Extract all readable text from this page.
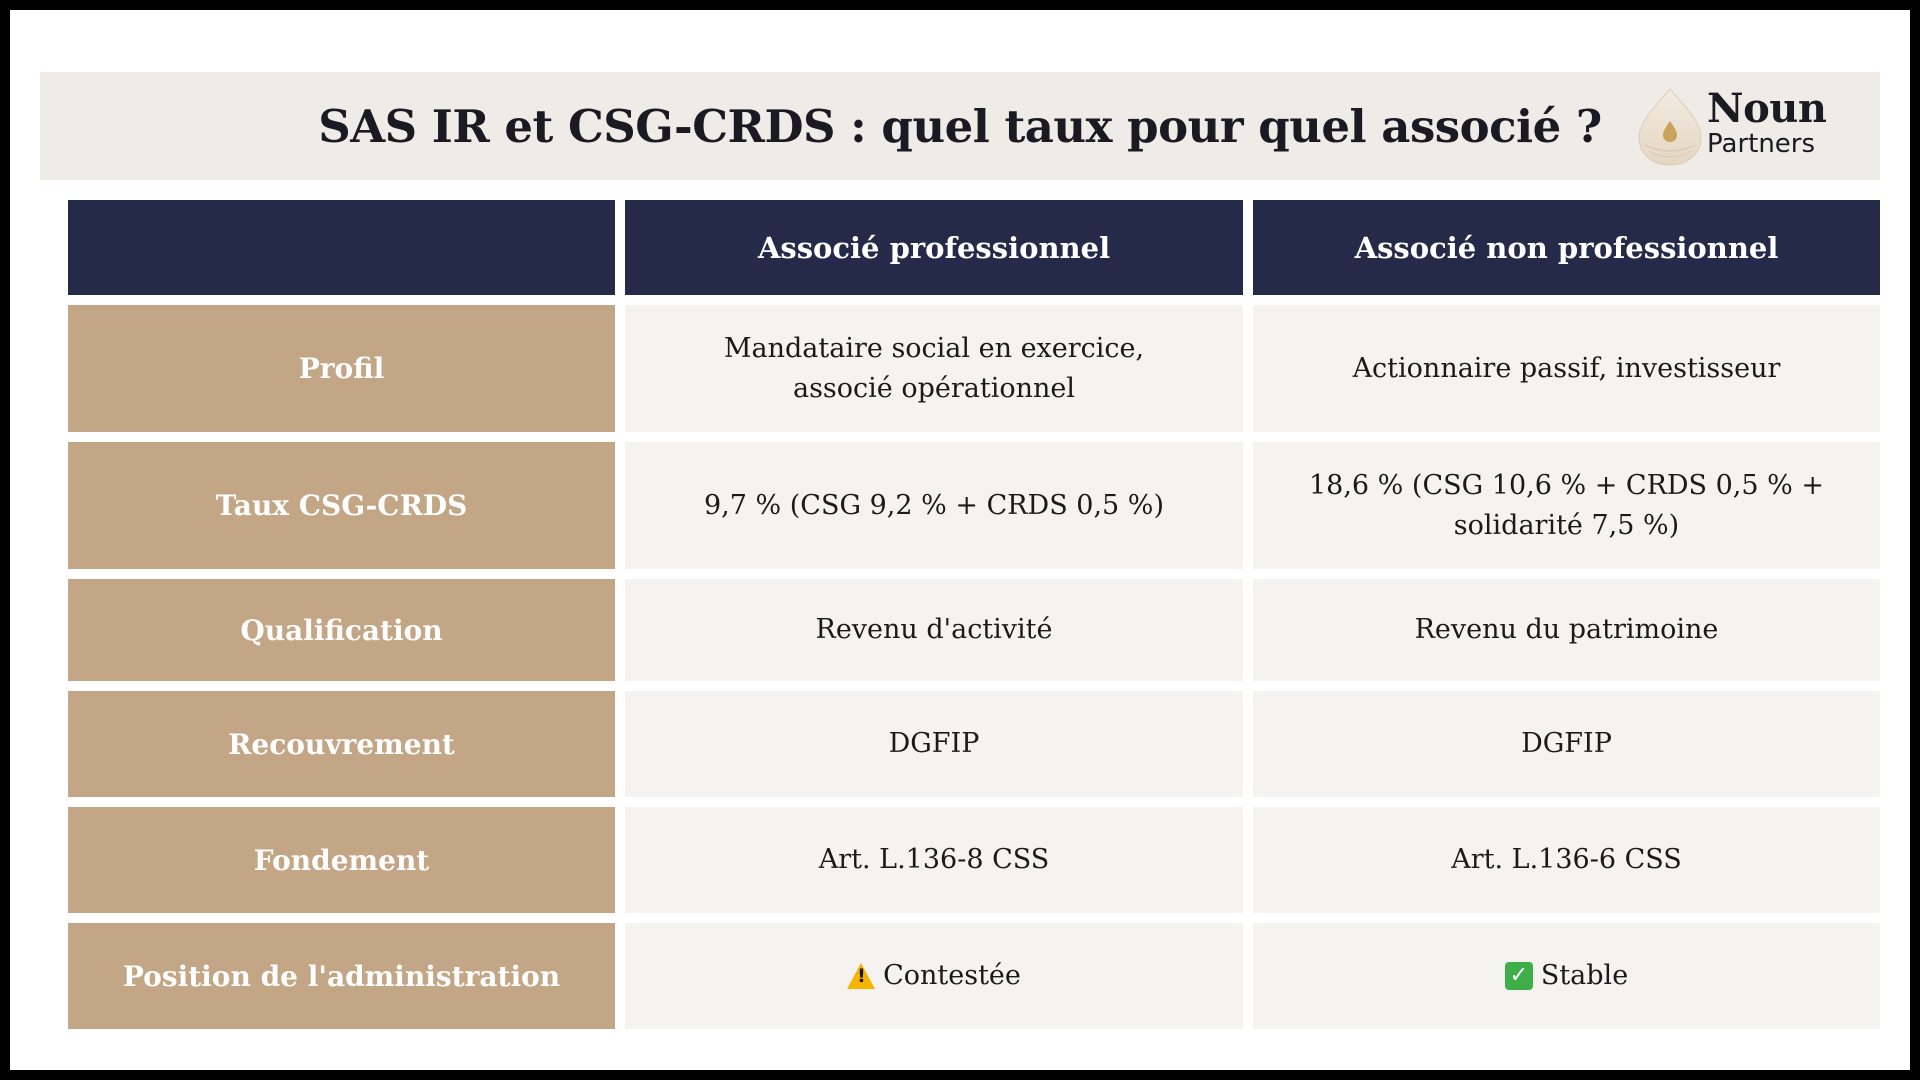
SAS IR et CSG-CRDS : quel taux pour quel associé ?	Noun
Partners
Associé professionnel	Associé non professionnel
Profil
Mandataire social en exercice, associé opérationnel
Actionnaire passif, investisseur
Taux CSG-CRDS	9,7 % (CSG 9,2 % + CRDS 0,5 %)
18,6 % (CSG 10,6 % + CRDS 0,5 % + solidarité 7,5 %)
Qualification	Revenu d'activité	Revenu du patrimoine
Recouvrement	DGFIP	DGFIP
Fondement	Art. L.136-8 CSS	Art. L.136-6 CSS
Position de l'administration
!	Contestée	✓ Stable
